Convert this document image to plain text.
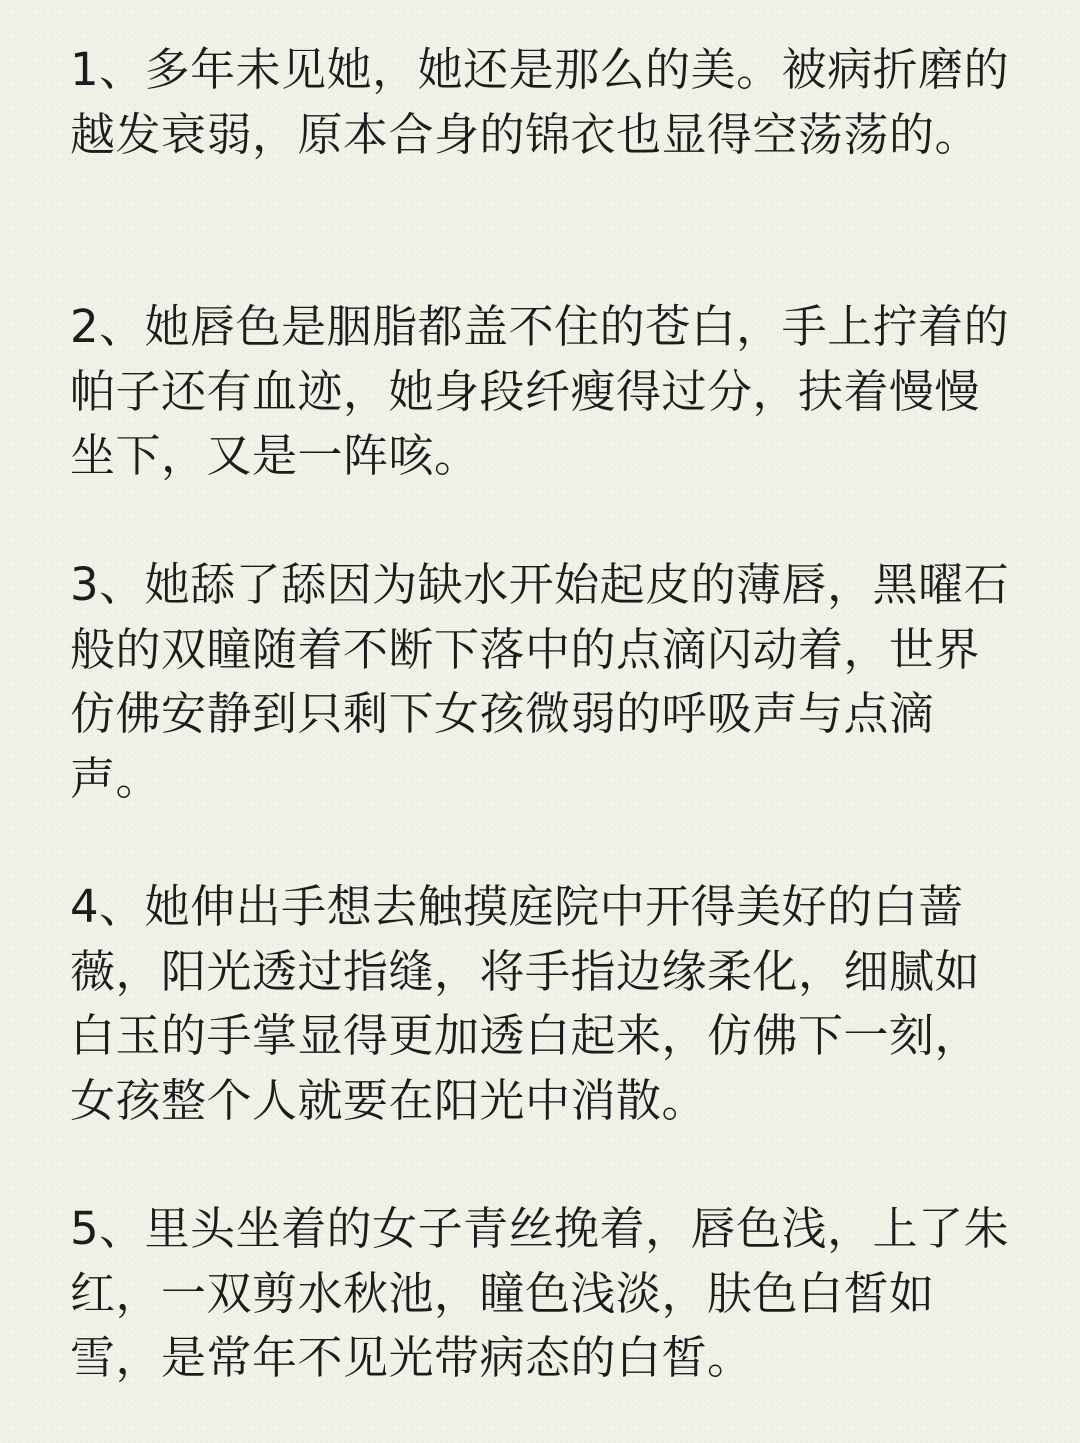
1、多年未见她，她还是那么的美。被病折磨的越发衰弱，原本合身的锦衣也显得空荡荡的。

2、她唇色是胭脂都盖不住的苍白，手上拧着的帕子还有血迹，她身段纤瘦得过分，扶着慢慢坐下，又是一阵咳。

3、她舔了舔因为缺水开始起皮的薄唇，黑曜石般的双瞳随着不断下落中的点滴闪动着，世界仿佛安静到只剩下女孩微弱的呼吸声与点滴声。

4、她伸出手想去触摸庭院中开得美好的白蔷薇，阳光透过指缝，将手指边缘柔化，细腻如白玉的手掌显得更加透白起来，仿佛下一刻，女孩整个人就要在阳光中消散。

5、里头坐着的女子青丝挽着，唇色浅，上了朱红，一双剪水秋池，瞳色浅淡，肤色白皙如雪，是常年不见光带病态的白皙。
